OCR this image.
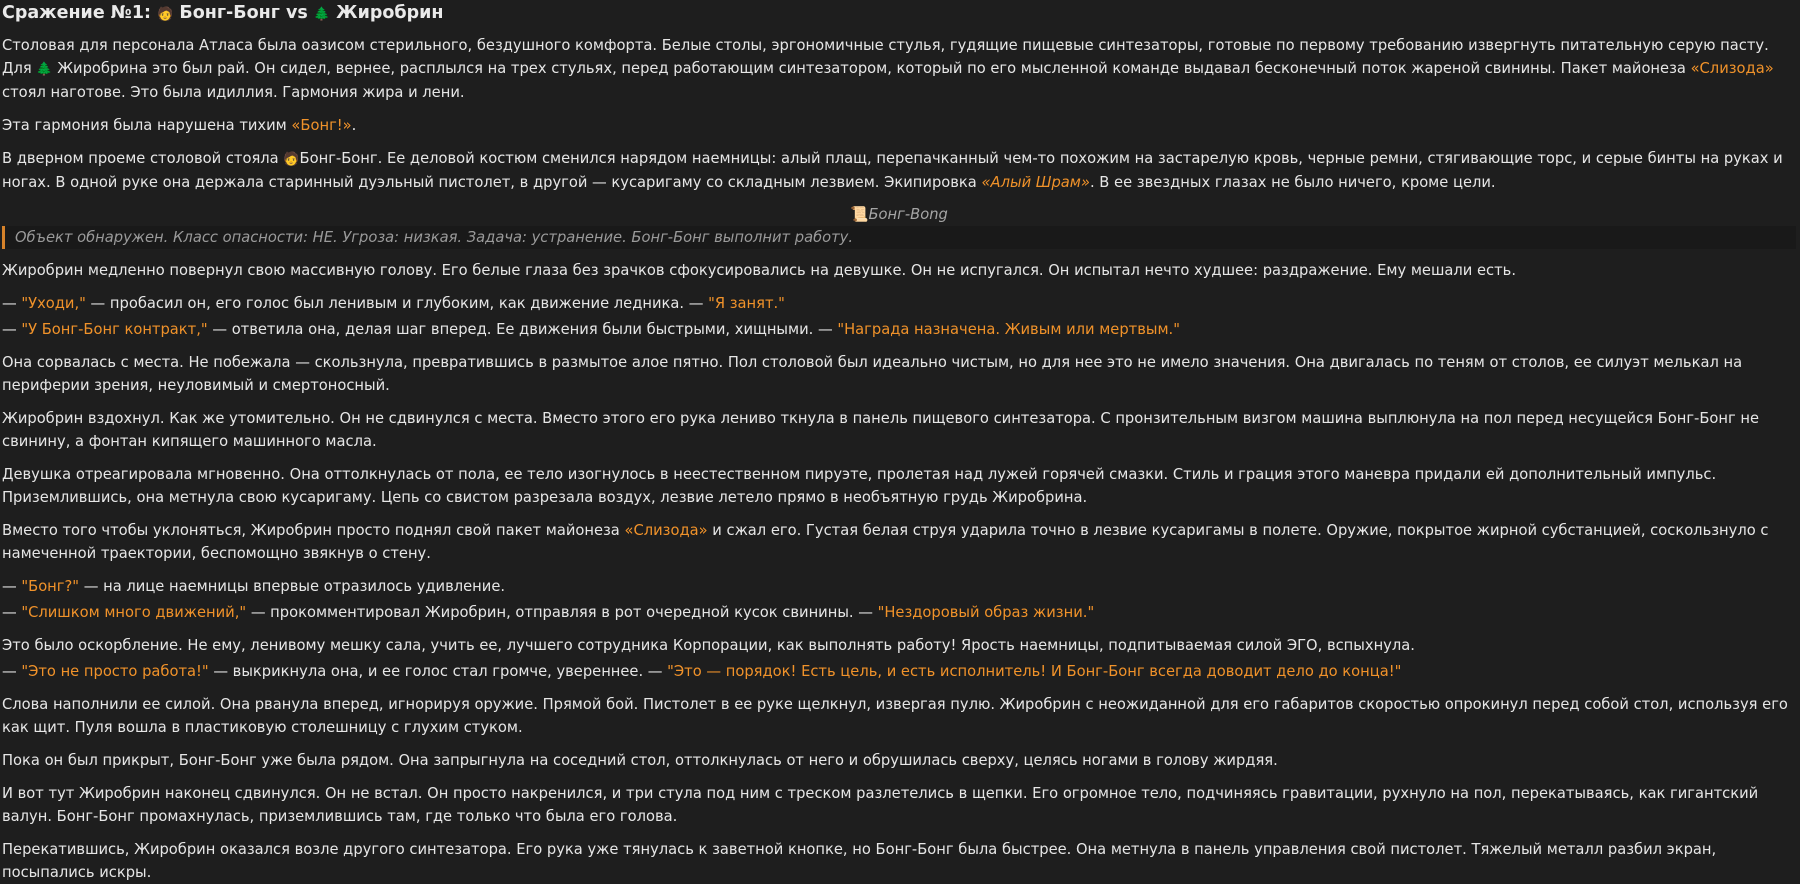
Сражение №1: 🧑 Бонг-Бонг vs 🌲 Жиробрин

Столовая для персонала Атласа была оазисом стерильного, бездушного комфорта. Белые столы, эргономичные стулья, гудящие пищевые синтезаторы, готовые по первому требованию извергнуть питательную серую пасту. Для 🌲 Жиробрина это был рай. Он сидел, вернее, расплылся на трех стульях, перед работающим синтезатором, который по его мысленной команде выдавал бесконечный поток жареной свинины. Пакет майонеза «Слизода» стоял наготове. Это была идиллия. Гармония жира и лени.

Эта гармония была нарушена тихим «Бонг!».

В дверном проеме столовой стояла 🧑Бонг-Бонг. Ее деловой костюм сменился нарядом наемницы: алый плащ, перепачканный чем-то похожим на застарелую кровь, черные ремни, стягивающие торс, и серые бинты на руках и ногах. В одной руке она держала старинный дуэльный пистолет, в другой — кусаригаму со складным лезвием. Экипировка «Алый Шрам». В ее звездных глазах не было ничего, кроме цели.

📜Бонг-Bong
Объект обнаружен. Класс опасности: HE. Угроза: низкая. Задача: устранение. Бонг-Бонг выполнит работу.

Жиробрин медленно повернул свою массивную голову. Его белые глаза без зрачков сфокусировались на девушке. Он не испугался. Он испытал нечто худшее: раздражение. Ему мешали есть.

— "Уходи," — пробасил он, его голос был ленивым и глубоким, как движение ледника. — "Я занят."

— "У Бонг-Бонг контракт," — ответила она, делая шаг вперед. Ее движения были быстрыми, хищными. — "Награда назначена. Живым или мертвым."

Она сорвалась с места. Не побежала — скользнула, превратившись в размытое алое пятно. Пол столовой был идеально чистым, но для нее это не имело значения. Она двигалась по теням от столов, ее силуэт мелькал на периферии зрения, неуловимый и смертоносный.

Жиробрин вздохнул. Как же утомительно. Он не сдвинулся с места. Вместо этого его рука лениво ткнула в панель пищевого синтезатора. С пронзительным визгом машина выплюнула на пол перед несущейся Бонг-Бонг не свинину, а фонтан кипящего машинного масла.

Девушка отреагировала мгновенно. Она оттолкнулась от пола, ее тело изогнулось в неестественном пируэте, пролетая над лужей горячей смазки. Стиль и грация этого маневра придали ей дополнительный импульс. Приземлившись, она метнула свою кусаригаму. Цепь со свистом разрезала воздух, лезвие летело прямо в необъятную грудь Жиробрина.

Вместо того чтобы уклоняться, Жиробрин просто поднял свой пакет майонеза «Слизода» и сжал его. Густая белая струя ударила точно в лезвие кусаригамы в полете. Оружие, покрытое жирной субстанцией, соскользнуло с намеченной траектории, беспомощно звякнув о стену.

— "Бонг?" — на лице наемницы впервые отразилось удивление.

— "Слишком много движений," — прокомментировал Жиробрин, отправляя в рот очередной кусок свинины. — "Нездоровый образ жизни."

Это было оскорбление. Не ему, ленивому мешку сала, учить ее, лучшего сотрудника Корпорации, как выполнять работу! Ярость наемницы, подпитываемая силой ЭГО, вспыхнула.

— "Это не просто работа!" — выкрикнула она, и ее голос стал громче, увереннее. — "Это — порядок! Есть цель, и есть исполнитель! И Бонг-Бонг всегда доводит дело до конца!"

Слова наполнили ее силой. Она рванула вперед, игнорируя оружие. Прямой бой. Пистолет в ее руке щелкнул, извергая пулю. Жиробрин с неожиданной для его габаритов скоростью опрокинул перед собой стол, используя его как щит. Пуля вошла в пластиковую столешницу с глухим стуком.

Пока он был прикрыт, Бонг-Бонг уже была рядом. Она запрыгнула на соседний стол, оттолкнулась от него и обрушилась сверху, целясь ногами в голову жирдяя.

И вот тут Жиробрин наконец сдвинулся. Он не встал. Он просто накренился, и три стула под ним с треском разлетелись в щепки. Его огромное тело, подчиняясь гравитации, рухнуло на пол, перекатываясь, как гигантский валун. Бонг-Бонг промахнулась, приземлившись там, где только что была его голова.

Перекатившись, Жиробрин оказался возле другого синтезатора. Его рука уже тянулась к заветной кнопке, но Бонг-Бонг была быстрее. Она метнула в панель управления свой пистолет. Тяжелый металл разбил экран, посыпались искры.
